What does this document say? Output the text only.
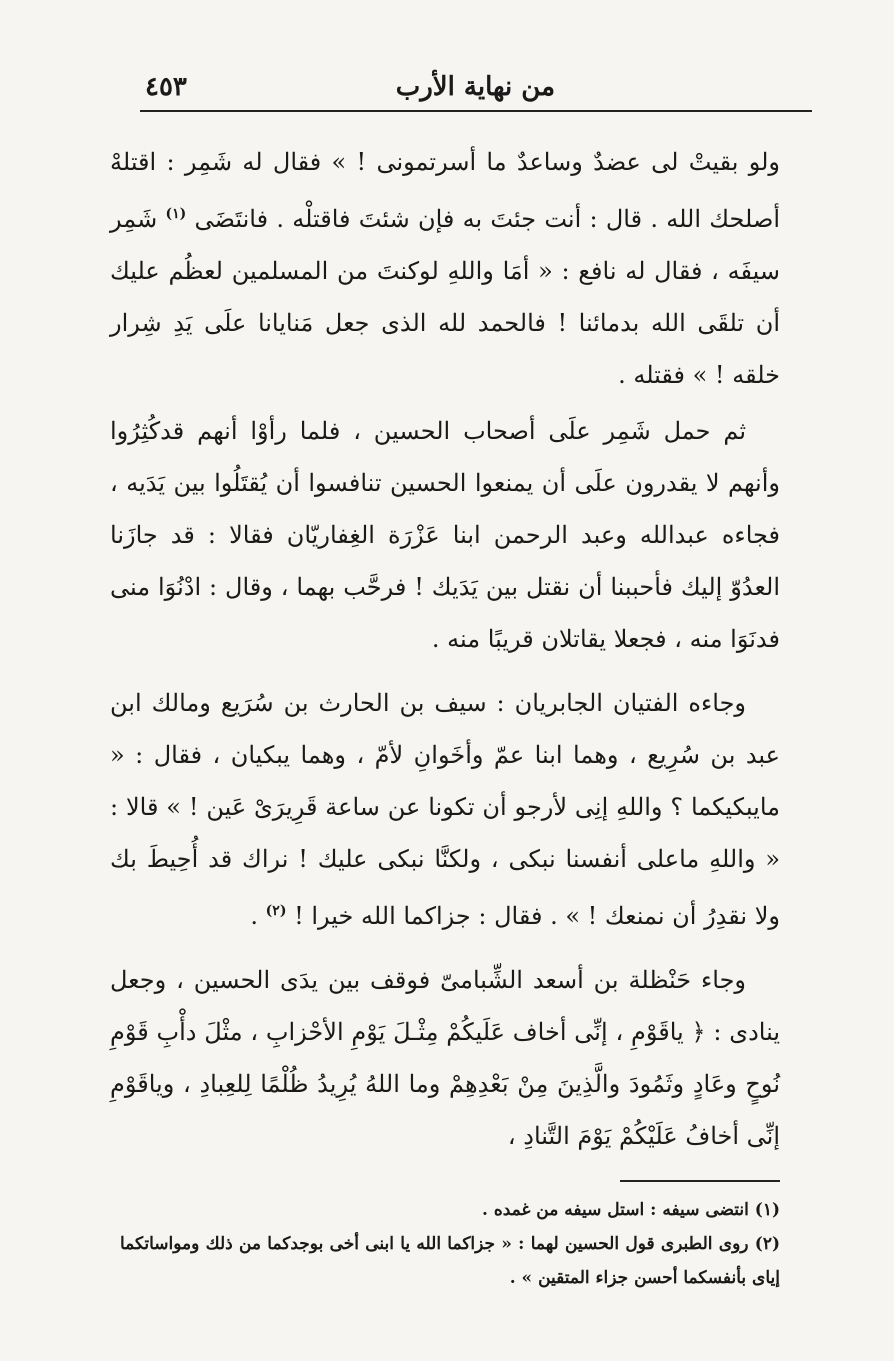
من نهاية الأرب
٤٥٣

ولو بقيتْ لى عضدٌ وساعدٌ ما أسرتمونى ! » فقال له شَمِر : اقتلهْ أصلحك الله . قال : أنت جئتَ به فإن شئتَ فاقتلْه . فانتَضَى $^{(١)}$ شَمِر سيفَه ، فقال له نافع : « أمَا واللهِ لوكنتَ من المسلمين لعظُم عليك أن تلقَى الله بدمائنا ! فالحمد لله الذى جعل مَنايانا علَى يَدِ شِرار خلقه ! » فقتله .

ثم حمل شَمِر علَى أصحاب الحسين ، فلما رأوْا أنهم قدكُثِرُوا وأنهم لا يقدرون علَى أن يمنعوا الحسين تنافسوا أن يُقتَلُوا بين يَدَيه ، فجاءه عبدالله وعبد الرحمن ابنا عَزْرَة الغِفاريّان فقالا : قد جازَنا العدُوّ إليك فأحببنا أن نقتل بين يَدَيك ! فرحَّب بهما ، وقال : ادْنُوَا منى فدنَوَا منه ، فجعلا يقاتلان قريبًا منه .

وجاءه الفتيان الجابريان : سيف بن الحارث بن سُرَيع ومالك ابن عبد بن سُرِيع ، وهما ابنا عمّ وأخَوانِ لأمّ ، وهما يبكيان ، فقال : « مايبكيكما ؟ واللهِ إنِى لأرجو أن تكونا عن ساعة قَرِيرَىْ عَين ! » قالا : « واللهِ ماعلى أنفسنا نبكى ، ولكنَّا نبكى عليك ! نراك قد أُحِيطَ بك ولا نقدِرُ أن نمنعك ! » . فقال : جزاكما الله خيرا ! $^{(٢)}$ .

وجاء حَنْظلة بن أسعد الشِّبامىّ فوقف بين يدَى الحسين ، وجعل ينادى : ﴿ ياقَوْمِ ، إنِّى أخاف عَلَيكُمْ مِثْـلَ يَوْمِ الأحْزابِ ، مثْلَ دأْبِ قَوْمِ نُوحٍ وعَادٍ وثَمُودَ والَّذِينَ مِنْ بَعْدِهِمْ وما اللهُ يُرِيدُ ظُلْمًا لِلعِبادِ ، وياقَوْمِ إنِّى أخافُ عَلَيْكُمْ يَوْمَ التَّنادِ ،

(١) انتضى سيفه : استل سيفه من غمده .

(٢) روى الطبرى قول الحسين لهما : « جزاكما الله يا ابنى أخى بوجدكما من ذلك ومواساتكما إياى بأنفسكما أحسن جزاء المتقين » .
